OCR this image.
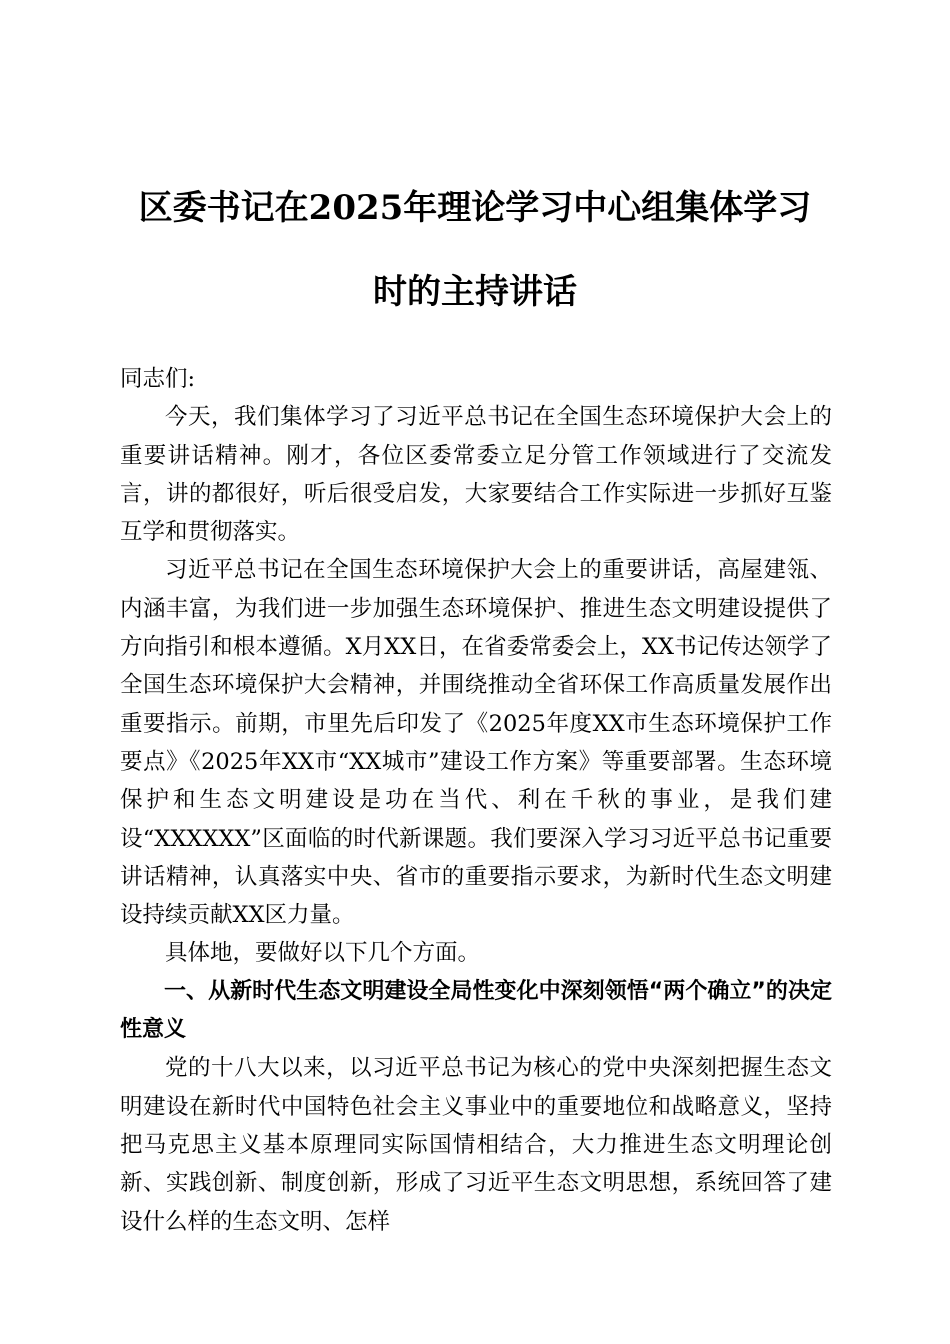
区委书记在2025年理论学习中心组集体学习
时的主持讲话

同志们:

今天，我们集体学习了习近平总书记在全国生态环境保护大会上的重要讲话精神。刚才，各位区委常委立足分管工作领域进行了交流发言，讲的都很好，听后很受启发，大家要结合工作实际进一步抓好互鉴互学和贯彻落实。

习近平总书记在全国生态环境保护大会上的重要讲话，高屋建瓴、内涵丰富，为我们进一步加强生态环境保护、推进生态文明建设提供了方向指引和根本遵循。X月XX日，在省委常委会上，XX书记传达领学了全国生态环境保护大会精神，并围绕推动全省环保工作高质量发展作出重要指示。前期，市里先后印发了《2025年度XX市生态环境保护工作要点》《2025年XX市“XX城市”建设工作方案》等重要部署。生态环境保护和生态文明建设是功在当代、利在千秋的事业，是我们建设“XXXXXX”区面临的时代新课题。我们要深入学习习近平总书记重要讲话精神，认真落实中央、省市的重要指示要求，为新时代生态文明建设持续贡献XX区力量。

具体地，要做好以下几个方面。

一、从新时代生态文明建设全局性变化中深刻领悟“两个确立”的决定性意义

党的十八大以来，以习近平总书记为核心的党中央深刻把握生态文明建设在新时代中国特色社会主义事业中的重要地位和战略意义，坚持把马克思主义基本原理同实际国情相结合，大力推进生态文明理论创新、实践创新、制度创新，形成了习近平生态文明思想，系统回答了建设什么样的生态文明、怎样
